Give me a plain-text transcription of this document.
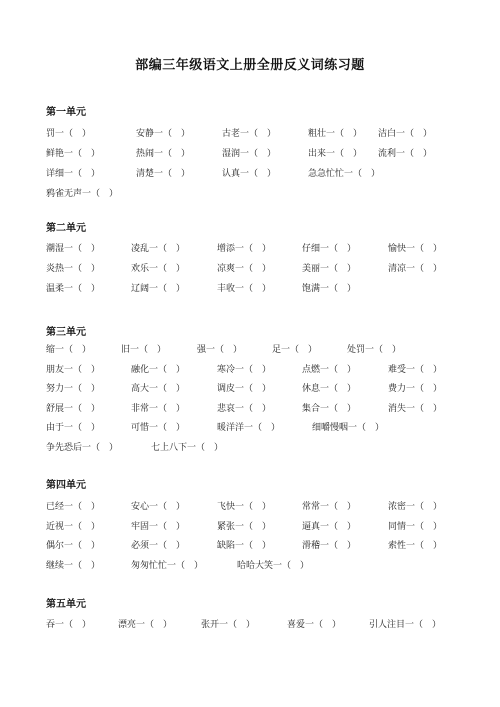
部编三年级语文上册全册反义词练习题
第一单元
罚一（　）	安静一（　）	古老一（　）	粗壮一（　） 洁白一（　）
鲜艳一（　）	热闹一（　）	湿润一（　）	出来一（　） 流利一（　）
详细一（　）	清楚一（　）	认真一（　）	急急忙忙一（　）
鸦雀无声一（　）
第二单元
潮湿一（　）	凌乱一（　）	增添一（　）	仔细一（　）	愉快一（　）
炎热一（　）	欢乐一（　）	凉爽一（　）	美丽一（　）	清凉一（　）
温柔一（　）	辽阔一（　）	丰收一（　）	饱满一（　）
第三单元
缩一（　）	旧一（　）	强一（　）	足一（　）	处罚一（　）
朋友一（　）	融化一（　）	寒冷一（　）	点燃一（　）	难受一（　）
努力一（　）	高大一（　）	调皮一（　）	休息一（　）	费力一（　）
舒展一（　）	非常一（　）	悲哀一（　）	集合一（　）	消失一（　）
由于一（　）	可惜一（　）	暖洋洋一（　）	细嚼慢咽一（　）
争先恐后一（　）	七上八下一（　）
第四单元
已经一（　）	安心一（　）	飞快一（　）	常常一（　）	浓密一（　）
近视一（　）	牢固一（　）	紧张一（　）	逼真一（　）	同情一（　）
偶尔一（　）	必须一（　）	缺陷一（　）	滑稽一（　）	索性一（　）
继续一（　）	匆匆忙忙一（　）	哈哈大笑一（　）
第五单元
吞一（　）	漂亮一（　）	张开一（　）	喜爱一（　）	引人注目一（　）
